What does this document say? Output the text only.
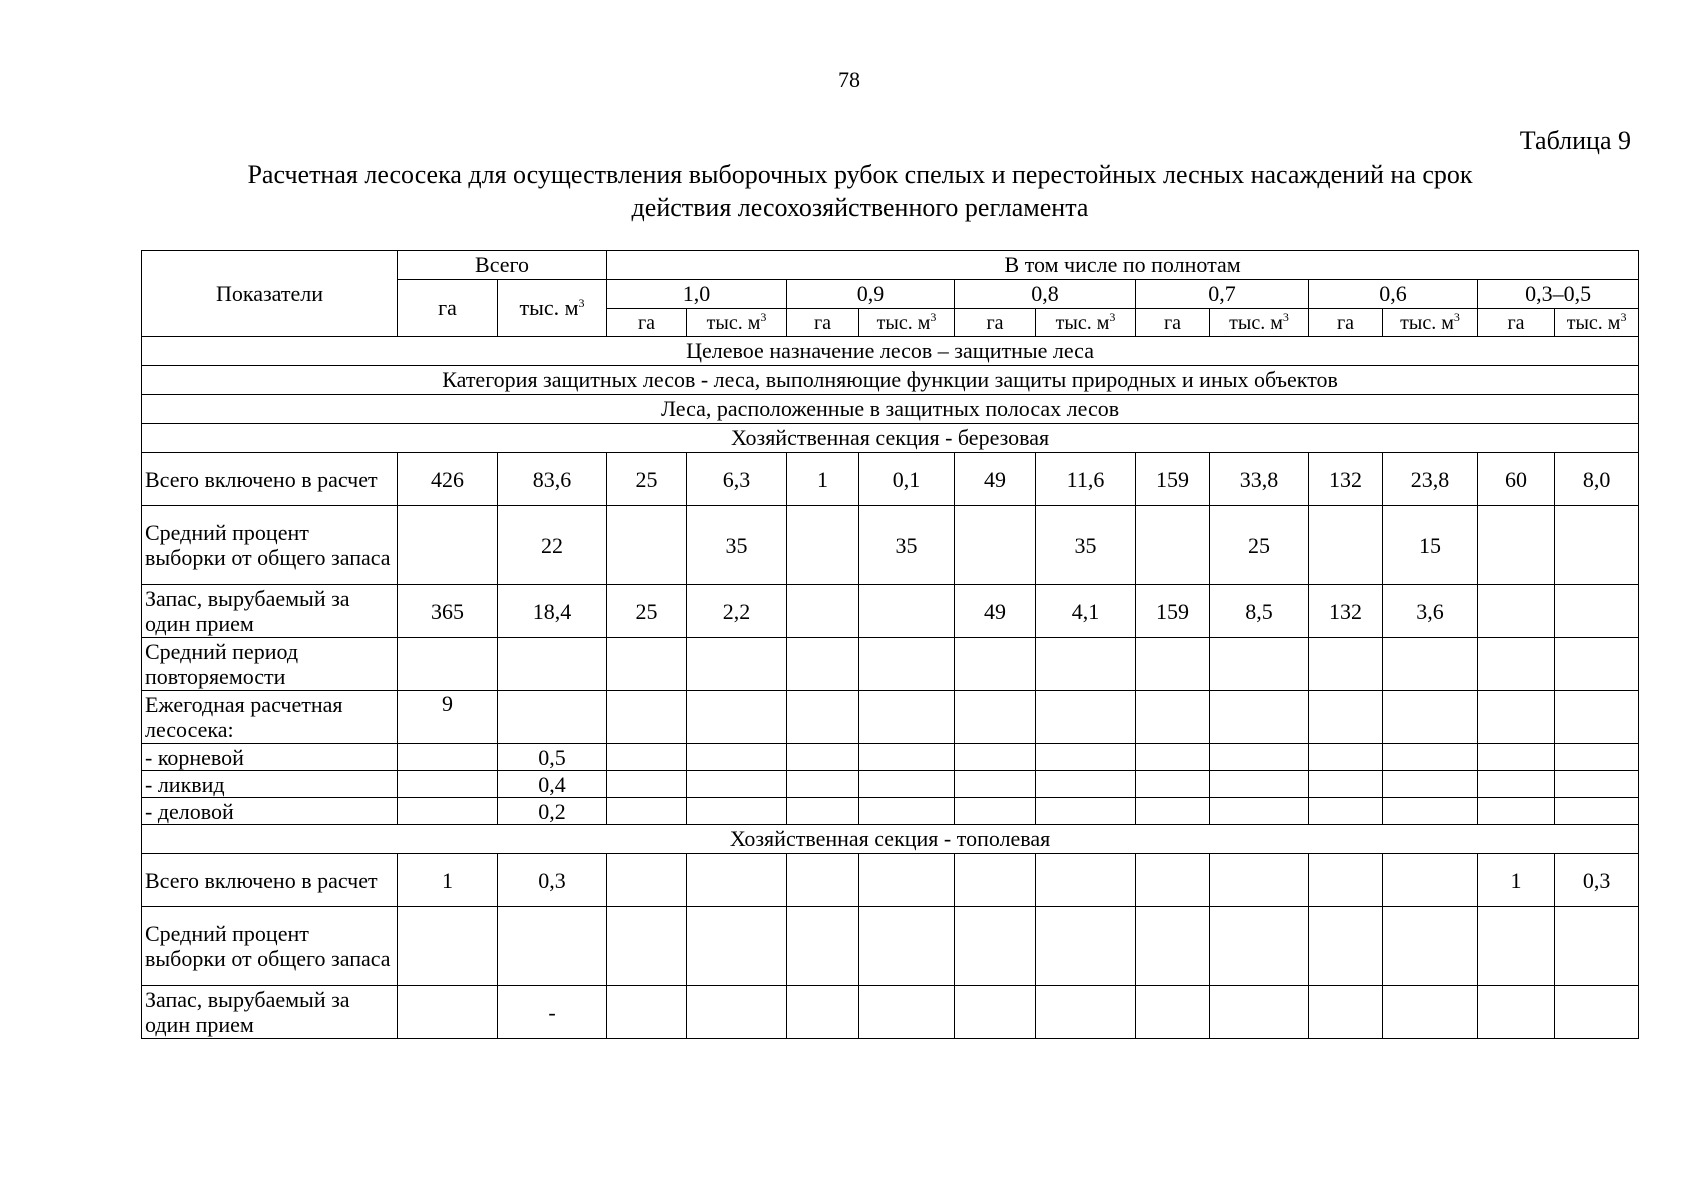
78
Таблица 9
Расчетная лесосека для осуществления выборочных рубок спелых и перестойных лесных насаждений на срок действия лесохозяйственного регламента
Показатели	Всего		В том числе по полнотам											
	га	тыс. $м^3$	1,0		0,9		0,8		0,7		0,6		0,3–0,5	
			га	тыс. $м^3$	га	тыс. $м^3$	га	тыс. $м^3$	га	тыс. $м^3$	га	тыс. $м^3$	га	тыс. $м^3$
Целевое назначение лесов – защитные леса														
Категория защитных лесов - леса, выполняющие функции защиты природных и иных объектов														
Леса, расположенные в защитных полосах лесов														
Хозяйственная секция - березовая														
Всего включено в расчет	426	83,6	25	6,3	1	0,1	49	11,6	159	33,8	132	23,8	60	8,0
Средний процент выборки от общего запаса		22		35		35		35		25		15		
Запас, вырубаемый за один прием	365	18,4	25	2,2			49	4,1	159	8,5	132	3,6		
Средний период повторяемости														
Ежегодная расчетная лесосека:	9													
- корневой		0,5												
- ликвид		0,4												
- деловой		0,2												
Хозяйственная секция - тополевая														
Всего включено в расчет	1	0,3											1	0,3
Средний процент выборки от общего запаса														
Запас, вырубаемый за один прием		-												
